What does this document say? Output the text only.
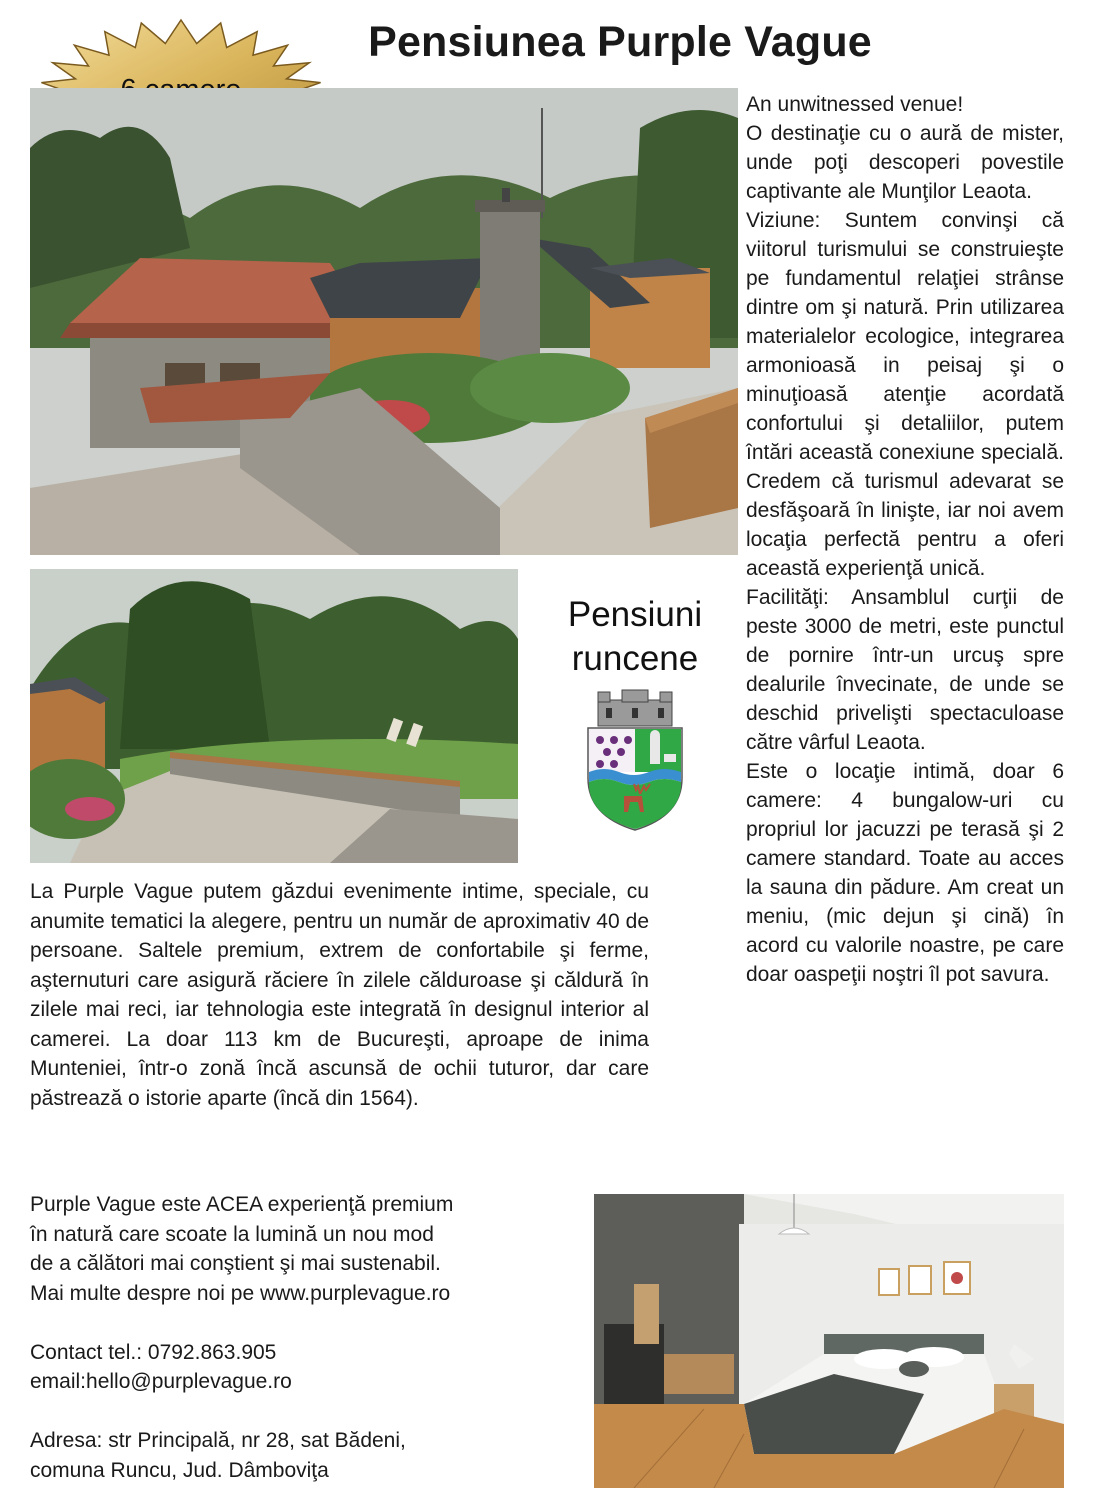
Pensiunea Purple Vague
Pensiuni
runcene

An unwitnessed venue!

O destinaţie cu o aură de mister, unde poţi descoperi povestile captivante ale Munţilor Leaota.

Viziune: Suntem convinşi că viitorul turismului se construieşte pe fundamentul relaţiei strânse dintre om şi natură. Prin utilizarea materialelor ecologice, integrarea armonioasă in peisaj şi o minuţioasă atenţie acordată confortului şi detaliilor, putem întări această conexiune specială. Credem că turismul adevarat se desfăşoară în linişte, iar noi avem locaţia perfectă pentru a oferi această experienţă unică.

Facilităţi: Ansamblul curţii de peste 3000 de metri, este punctul de pornire într-un urcuş spre dealurile învecinate, de unde se deschid privelişti spectaculoase către vârful Leaota.

Este o locaţie intimă, doar 6 camere: 4 bungalow-uri cu propriul lor jacuzzi pe terasă şi 2 camere standard. Toate au acces la sauna din pădure. Am creat un meniu, (mic dejun şi cină) în acord cu valorile noastre, pe care doar oaspeţii noştri îl pot savura.

La Purple Vague putem găzdui evenimente intime, speciale, cu anumite tematici la alegere, pentru un număr de aproximativ 40 de persoane. Saltele premium, extrem de confortabile şi ferme, aşternuturi care asigură răciere în zilele călduroase şi căldură în zilele mai reci, iar tehnologia este integrată în designul interior al camerei. La doar 113 km de Bucureşti, aproape de inima Munteniei, într-o zonă încă ascunsă de ochii tuturor, dar care păstrează o istorie aparte (încă din 1564).

Purple Vague este ACEA experienţă premium

în natură care scoate la lumină un nou mod

de a călători mai conştient şi mai sustenabil.

Mai multe despre noi pe www.purplevague.ro

Contact tel.: 0792.863.905

email:hello@purplevague.ro

Adresa: str Principală, nr 28, sat Bădeni,

comuna Runcu, Jud. Dâmboviţa
